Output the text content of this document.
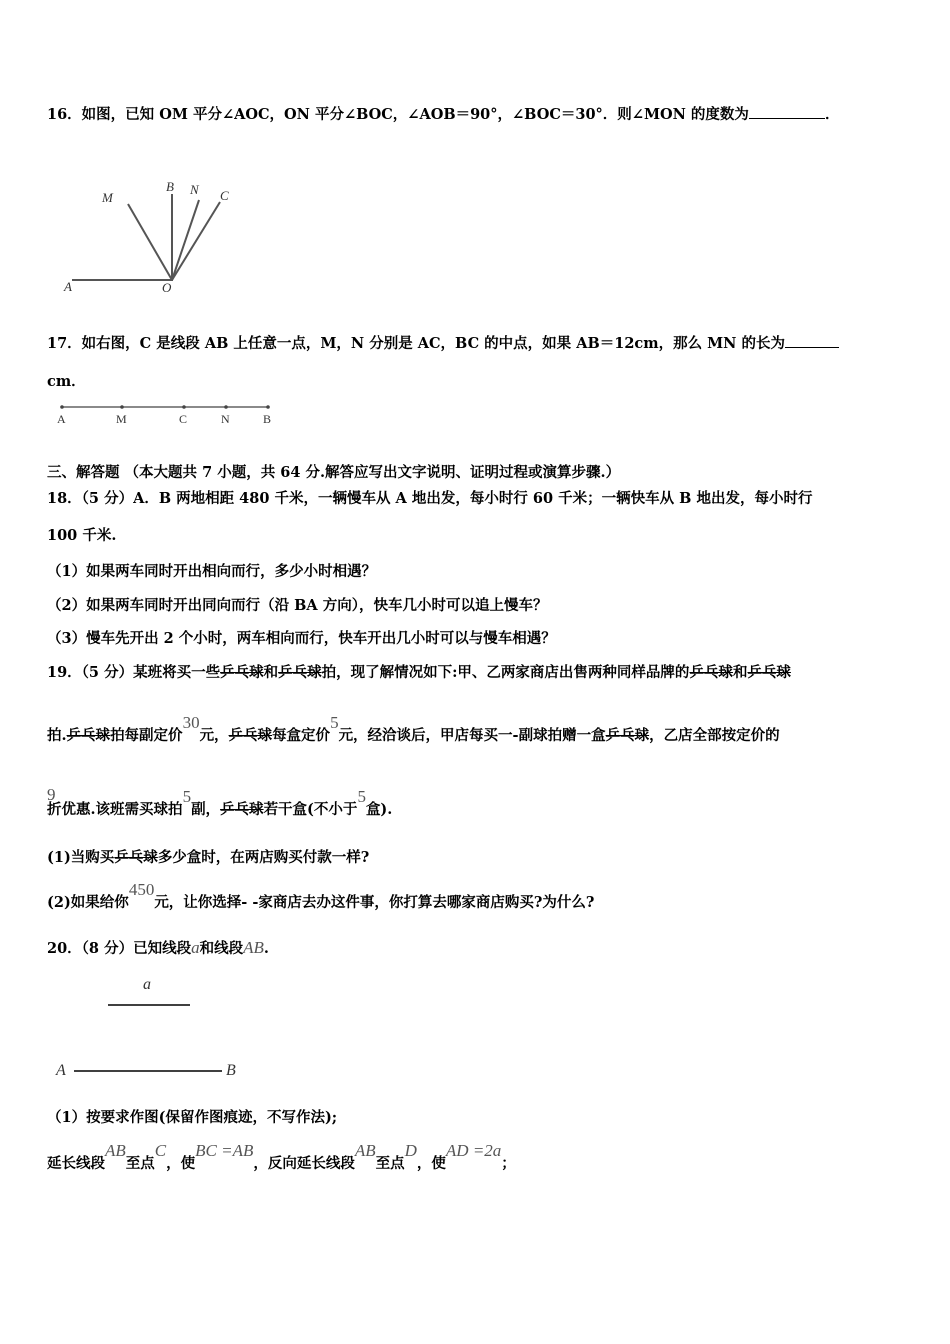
16．如图，已知 OM 平分∠AOC，ON 平分∠BOC，∠AOB＝90°，∠BOC＝30°．则∠MON 的度数为	．
A	O
M
B N C
17．如右图，C 是线段 AB 上任意一点，M，N 分别是 AC，BC 的中点，如果 AB＝12cm，那么 MN 的长为
cm．
A	M	C	N	B
三、解答题 （本大题共 7 小题，共 64 分.解答应写出文字说明、证明过程或演算步骤.）
18．（5 分）A．B 两地相距 480 千米，一辆慢车从 A 地出发，每小时行 60 千米；一辆快车从 B 地出发，每小时行
100 千米.
（1）如果两车同时开出相向而行，多少小时相遇？
（2）如果两车同时开出同向而行（沿 BA 方向），快车几小时可以追上慢车？
（3）慢车先开出 2 个小时，两车相向而行，快车开出几小时可以与慢车相遇？
19．（5 分）某班将买一些乒乓球和乒乓球拍，现了解情况如下:甲、乙两家商店出售两种同样品牌的乒乓球和乒乓球
拍.乒乓球拍每副定价30元，乒乓球每盒定价5元，经洽谈后，甲店每买一-副球拍赠一盒乒乓球，乙店全部按定价的
9
折优惠.该班需买球拍5副，乒乓球若干盒(不小于5盒).
(1)当购买乒乓球多少盒时，在两店购买付款一样?
(2)如果给你450元，让你选择- -家商店去办这件事，你打算去哪家商店购买?为什么?
20．（8 分）已知线段a和线段AB.
a
A	B
（1）按要求作图(保留作图痕迹，不写作法);
延长线段AB至点C，使BC =AB，反向延长线段AB至点D，使AD =2a；
